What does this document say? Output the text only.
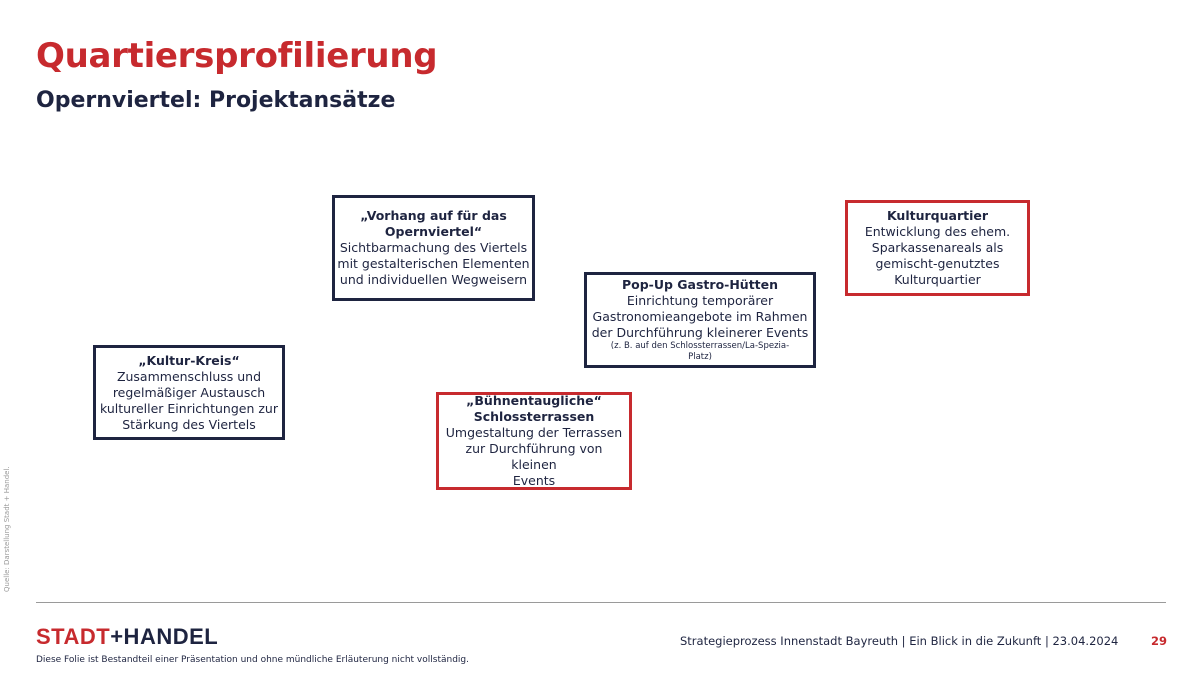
Quartiersprofilierung
Opernviertel: Projektansätze
„Kultur-Kreis“
Zusammenschluss und
regelmäßiger Austausch
kultureller Einrichtungen zur
Stärkung des Viertels
„Vorhang auf für das
Opernviertel“
Sichtbarmachung des Viertels
mit gestalterischen Elementen
und individuellen Wegweisern
„Bühnentaugliche“
Schlossterrassen
Umgestaltung der Terrassen
zur Durchführung von kleinen
Events
Pop-Up Gastro-Hütten
Einrichtung temporärer
Gastronomieangebote im Rahmen
der Durchführung kleinerer Events
(z. B. auf den Schlossterrassen/La-Spezia-
Platz)
Kulturquartier
Entwicklung des ehem.
Sparkassenareals als
gemischt-genutztes
Kulturquartier
Quelle: Darstellung Stadt + Handel.
STADT+HANDEL
Diese Folie ist Bestandteil einer Präsentation und ohne mündliche Erläuterung nicht vollständig.
Strategieprozess Innenstadt Bayreuth | Ein Blick in die Zukunft | 23.04.2024	29
